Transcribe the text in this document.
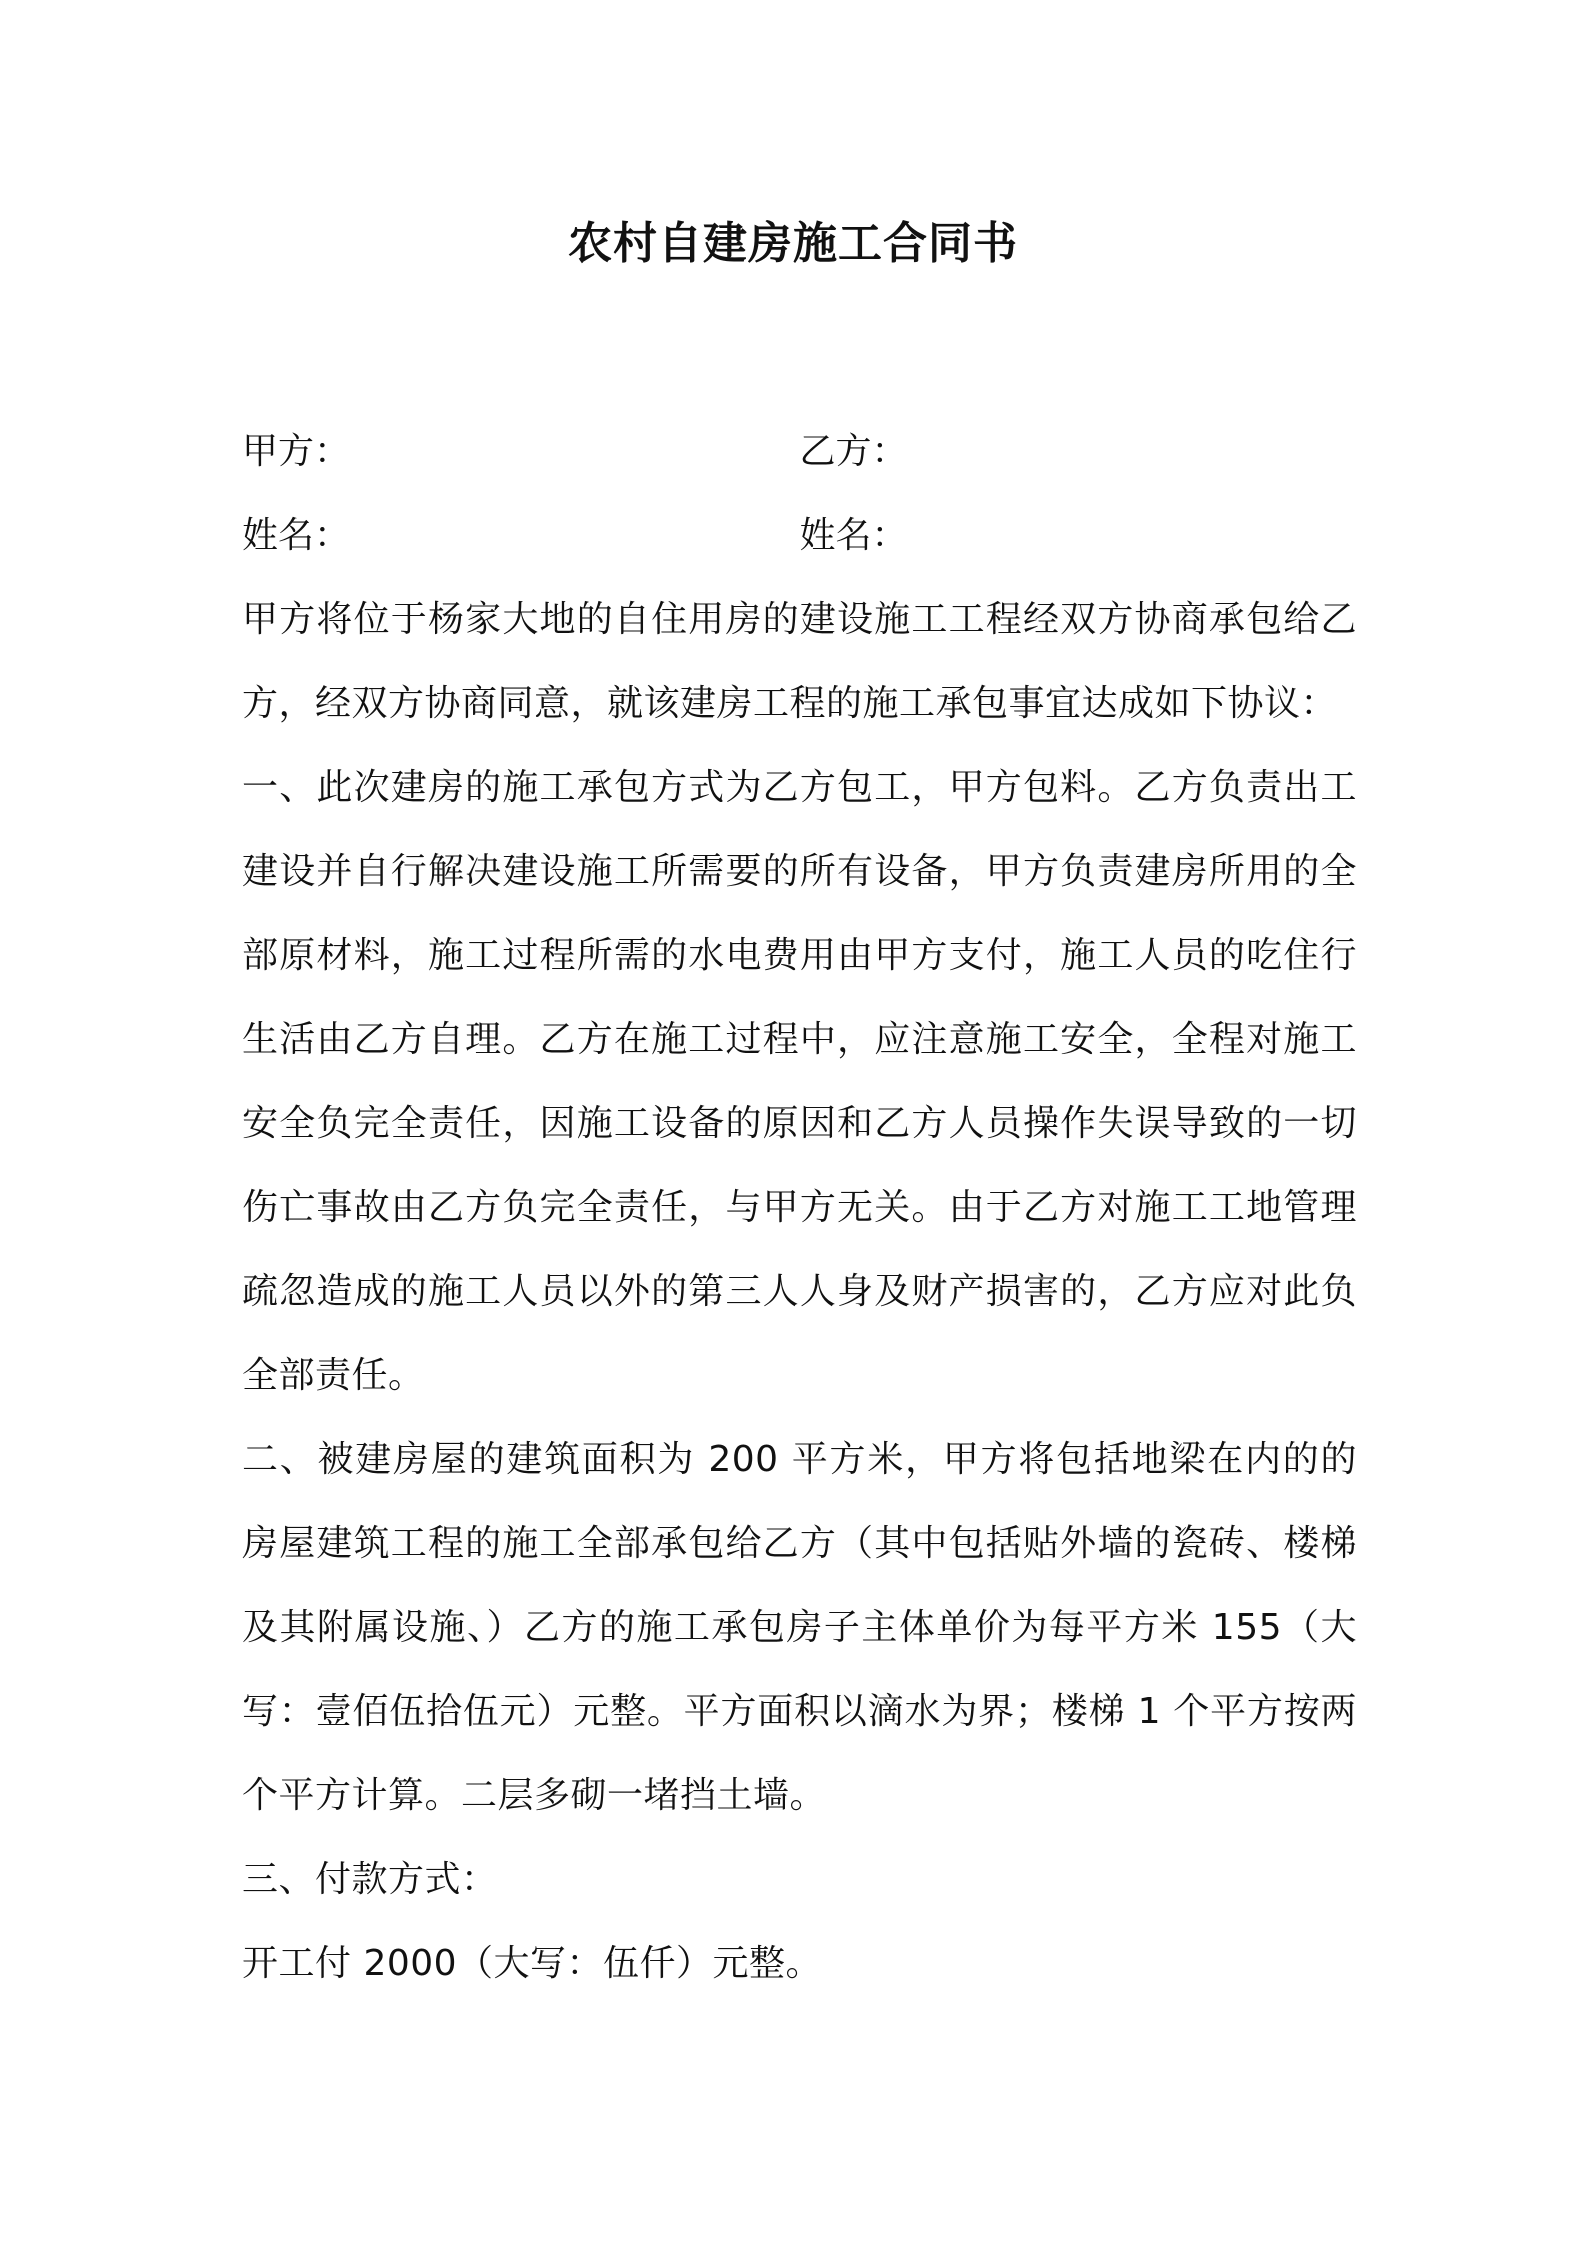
农村自建房施工合同书
甲方：	乙方：
姓名：	姓名：

甲方将位于杨家大地的自住用房的建设施工工程经双方协商承包给乙方，经双方协商同意，就该建房工程的施工承包事宜达成如下协议：

一、此次建房的施工承包方式为乙方包工，甲方包料。乙方负责出工建设并自行解决建设施工所需要的所有设备，甲方负责建房所用的全部原材料，施工过程所需的水电费用由甲方支付，施工人员的吃住行生活由乙方自理。乙方在施工过程中，应注意施工安全，全程对施工安全负完全责任，因施工设备的原因和乙方人员操作失误导致的一切伤亡事故由乙方负完全责任，与甲方无关。由于乙方对施工工地管理疏忽造成的施工人员以外的第三人人身及财产损害的，乙方应对此负全部责任。

二、被建房屋的建筑面积为 200 平方米，甲方将包括地梁在内的的房屋建筑工程的施工全部承包给乙方（其中包括贴外墙的瓷砖、楼梯及其附属设施、）乙方的施工承包房子主体单价为每平方米 155（大写：壹佰伍拾伍元）元整。平方面积以滴水为界；楼梯 1 个平方按两个平方计算。二层多砌一堵挡土墙。

三、付款方式：

开工付 2000（大写：伍仟）元整。
